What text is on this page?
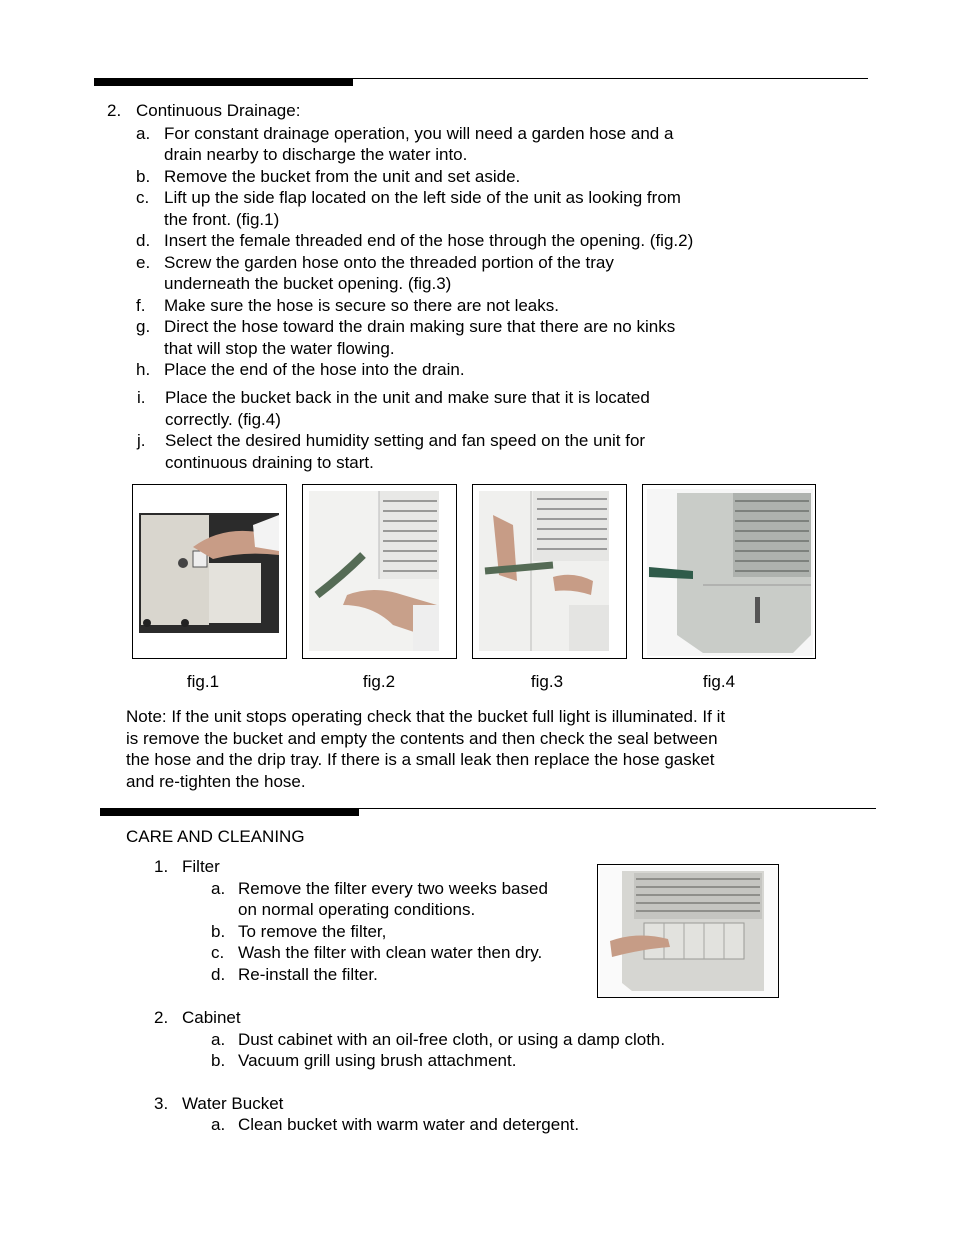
2. Continuous Drainage:
a. For constant drainage operation, you will need a garden hose and a
drain nearby to discharge the water into.
b. Remove the bucket from the unit and set aside.
c. Lift up the side flap located on the left side of the unit as looking from
the front. (fig.1)
d. Insert the female threaded end of the hose through the opening. (fig.2)
e. Screw the garden hose onto the threaded portion of the tray
underneath the bucket opening. (fig.3)
f. Make sure the hose is secure so there are not leaks.
g. Direct the hose toward the drain making sure that there are no kinks
that will stop the water flowing.
h. Place the end of the hose into the drain.
i. Place the bucket back in the unit and make sure that it is located
correctly. (fig.4)
j. Select the desired humidity setting and fan speed on the unit for
continuous draining to start.
fig.1	fig.2	fig.3	fig.4
Note: If the unit stops operating check that the bucket full light is illuminated. If it
is remove the bucket and empty the contents and then check the seal between
the hose and the drip tray. If there is a small leak then replace the hose gasket
and re-tighten the hose.
CARE AND CLEANING
1. Filter
a. Remove the filter every two weeks based
on normal operating conditions.
b. To remove the filter,
c. Wash the filter with clean water then dry.
d. Re-install the filter.
2. Cabinet
a. Dust cabinet with an oil-free cloth, or using a damp cloth.
b. Vacuum grill using brush attachment.
3. Water Bucket
a. Clean bucket with warm water and detergent.
